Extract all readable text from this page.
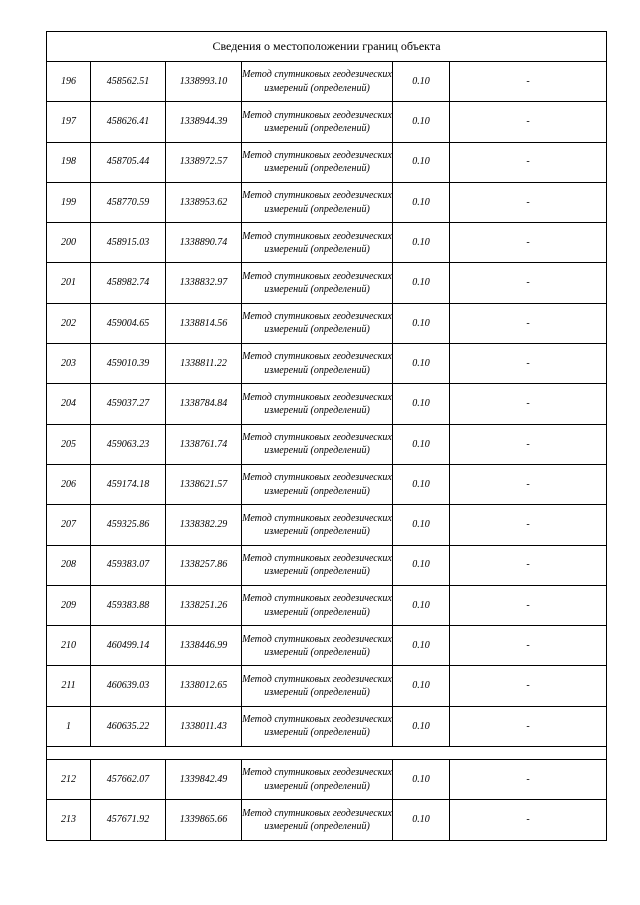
Сведения о местоположении границ объекта					
196	458562.51	1338993.10	Метод спутниковых геодезических измерений (определений)	0.10	-
197	458626.41	1338944.39	Метод спутниковых геодезических измерений (определений)	0.10	-
198	458705.44	1338972.57	Метод спутниковых геодезических измерений (определений)	0.10	-
199	458770.59	1338953.62	Метод спутниковых геодезических измерений (определений)	0.10	-
200	458915.03	1338890.74	Метод спутниковых геодезических измерений (определений)	0.10	-
201	458982.74	1338832.97	Метод спутниковых геодезических измерений (определений)	0.10	-
202	459004.65	1338814.56	Метод спутниковых геодезических измерений (определений)	0.10	-
203	459010.39	1338811.22	Метод спутниковых геодезических измерений (определений)	0.10	-
204	459037.27	1338784.84	Метод спутниковых геодезических измерений (определений)	0.10	-
205	459063.23	1338761.74	Метод спутниковых геодезических измерений (определений)	0.10	-
206	459174.18	1338621.57	Метод спутниковых геодезических измерений (определений)	0.10	-
207	459325.86	1338382.29	Метод спутниковых геодезических измерений (определений)	0.10	-
208	459383.07	1338257.86	Метод спутниковых геодезических измерений (определений)	0.10	-
209	459383.88	1338251.26	Метод спутниковых геодезических измерений (определений)	0.10	-
210	460499.14	1338446.99	Метод спутниковых геодезических измерений (определений)	0.10	-
211	460639.03	1338012.65	Метод спутниковых геодезических измерений (определений)	0.10	-
1	460635.22	1338011.43	Метод спутниковых геодезических измерений (определений)	0.10	-

212	457662.07	1339842.49	Метод спутниковых геодезических измерений (определений)	0.10	-
213	457671.92	1339865.66	Метод спутниковых геодезических измерений (определений)	0.10	-
